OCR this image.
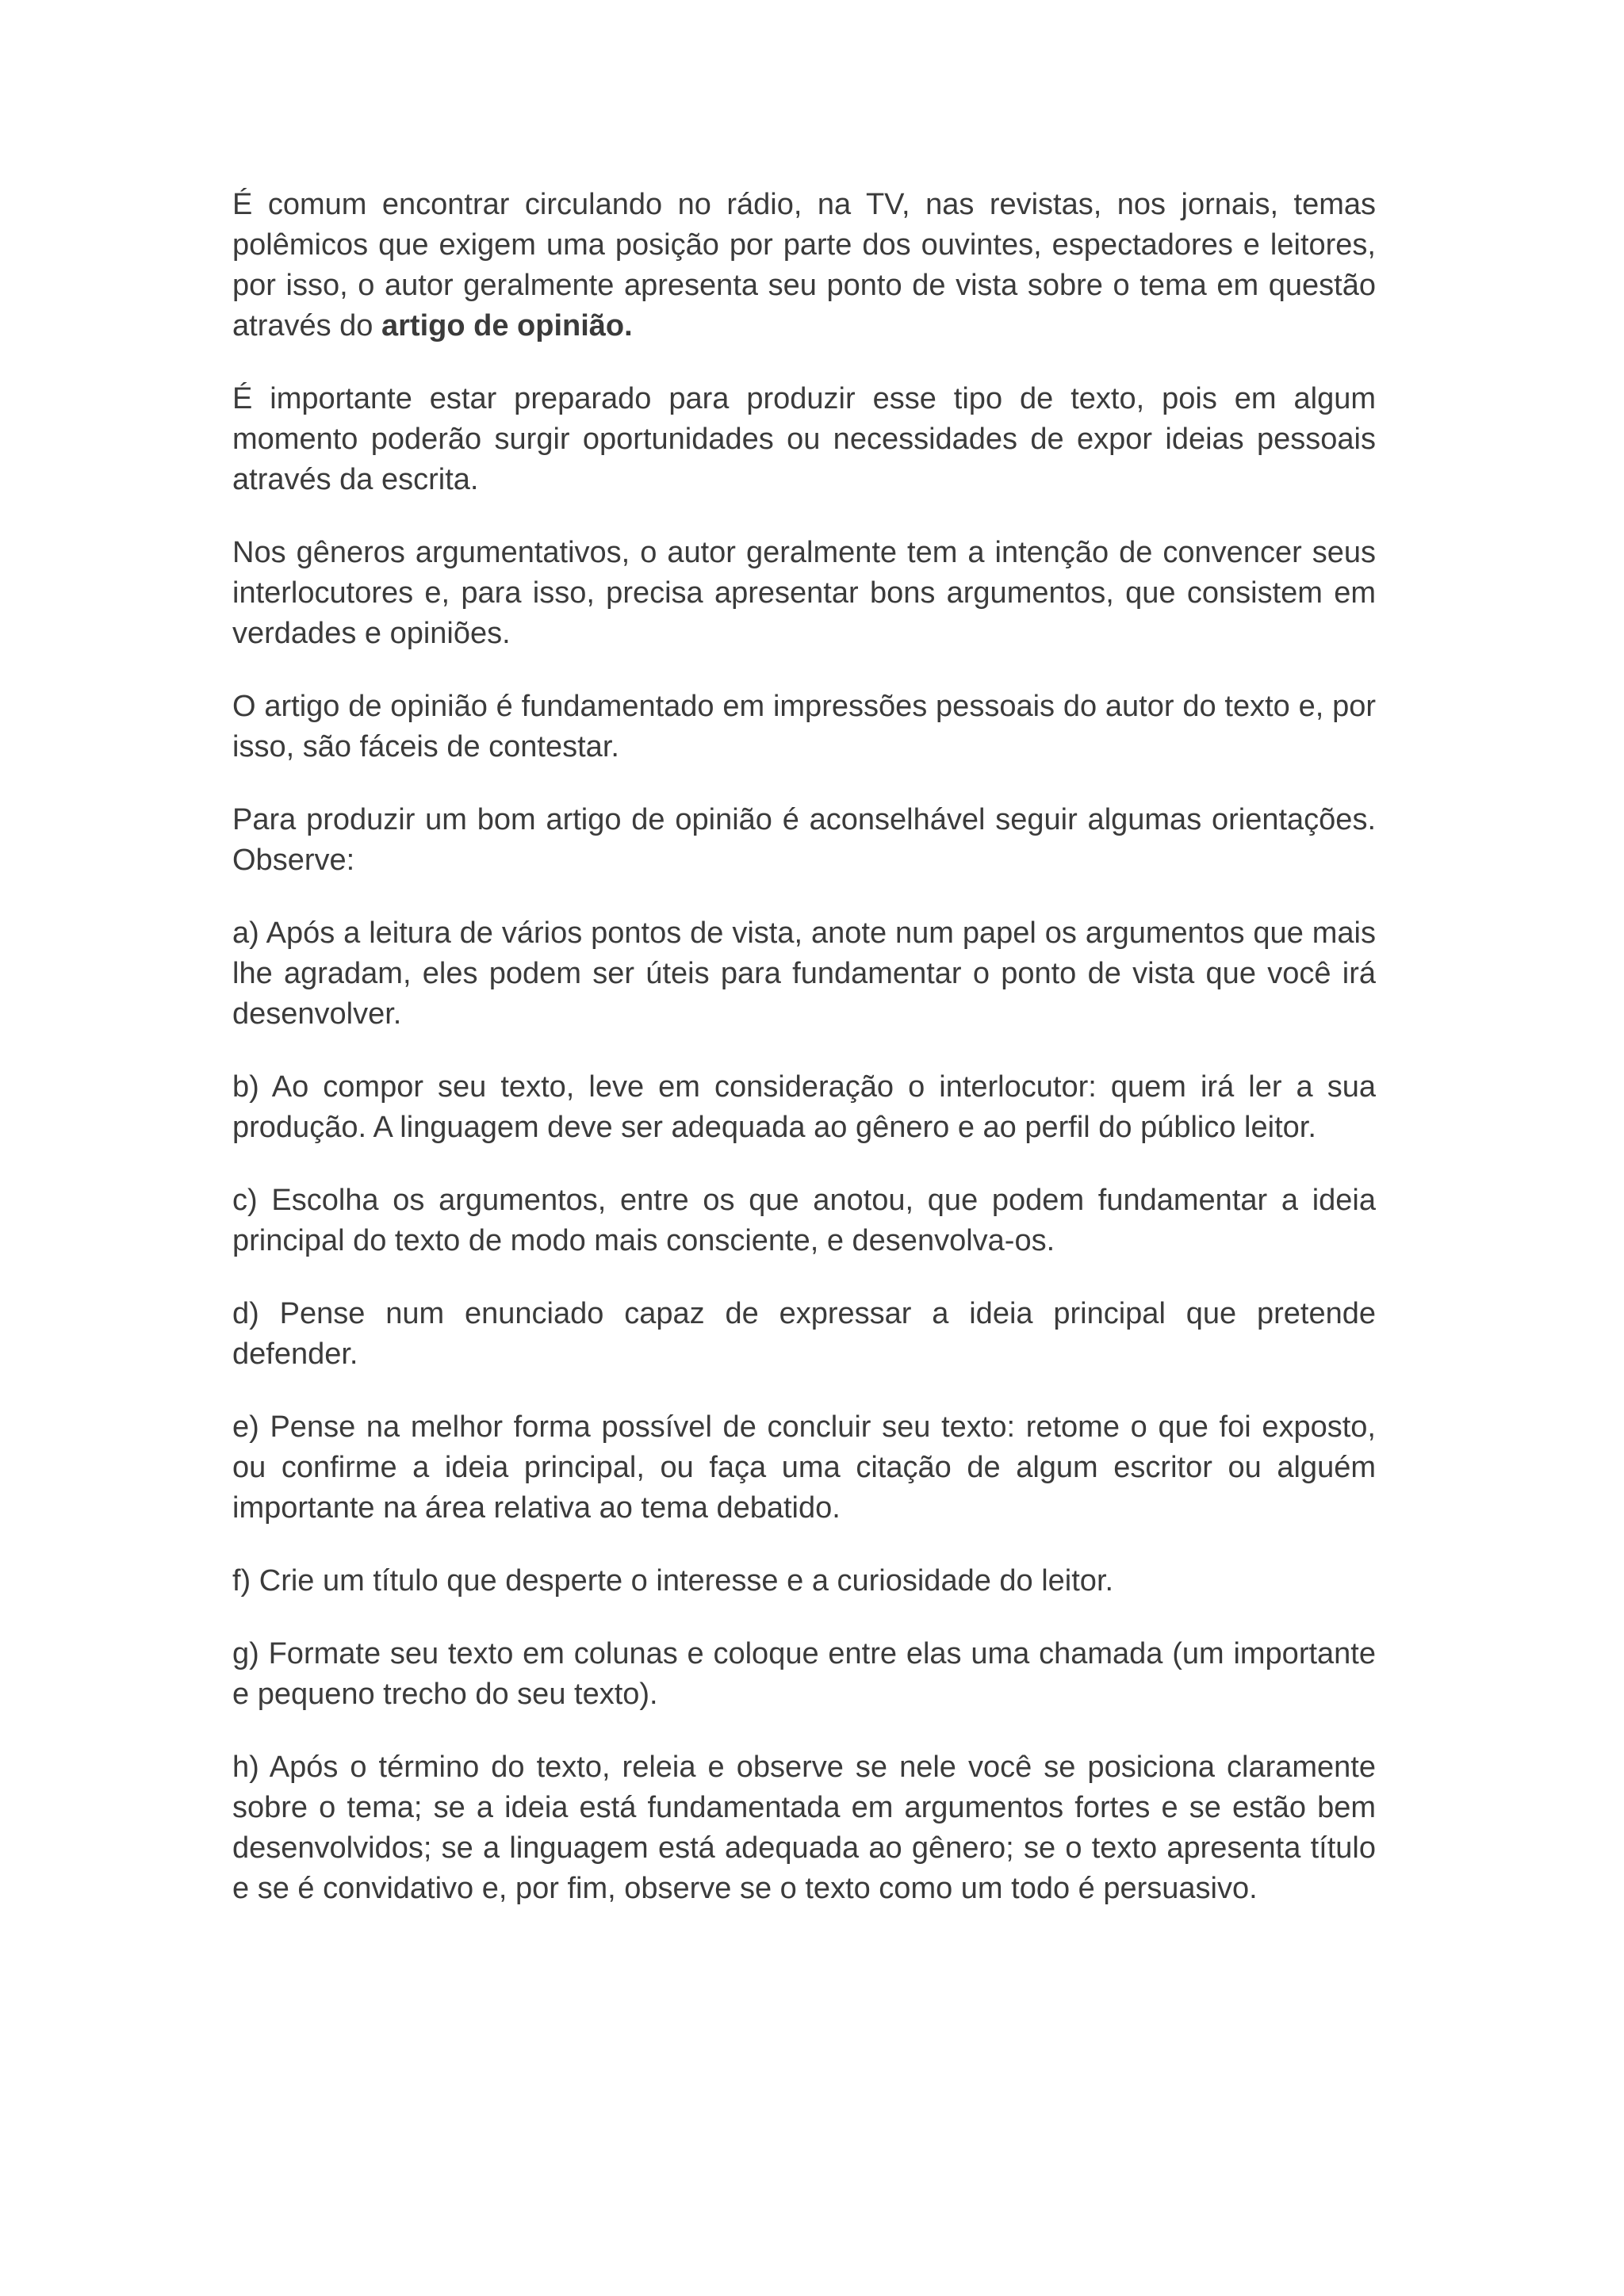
É comum encontrar circulando no rádio, na TV, nas revistas, nos jornais, temas polêmicos que exigem uma posição por parte dos ouvintes, espectadores e leitores, por isso, o autor geralmente apresenta seu ponto de vista sobre o tema em questão através do artigo de opinião.

É importante estar preparado para produzir esse tipo de texto, pois em algum momento poderão surgir oportunidades ou necessidades de expor ideias pessoais através da escrita.

Nos gêneros argumentativos, o autor geralmente tem a intenção de convencer seus interlocutores e, para isso, precisa apresentar bons argumentos, que consistem em verdades e opiniões.

O artigo de opinião é fundamentado em impressões pessoais do autor do texto e, por isso, são fáceis de contestar.

Para produzir um bom artigo de opinião é aconselhável seguir algumas orientações. Observe:

a) Após a leitura de vários pontos de vista, anote num papel os argumentos que mais lhe agradam, eles podem ser úteis para fundamentar o ponto de vista que você irá desenvolver.

b) Ao compor seu texto, leve em consideração o interlocutor: quem irá ler a sua produção. A linguagem deve ser adequada ao gênero e ao perfil do público leitor.

c) Escolha os argumentos, entre os que anotou, que podem fundamentar a ideia principal do texto de modo mais consciente, e desenvolva-os.

d) Pense num enunciado capaz de expressar a ideia principal que pretende defender.

e) Pense na melhor forma possível de concluir seu texto: retome o que foi exposto, ou confirme a ideia principal, ou faça uma citação de algum escritor ou alguém importante na área relativa ao tema debatido.

f) Crie um título que desperte o interesse e a curiosidade do leitor.

g) Formate seu texto em colunas e coloque entre elas uma chamada (um importante e pequeno trecho do seu texto).

h) Após o término do texto, releia e observe se nele você se posiciona claramente sobre o tema; se a ideia está fundamentada em argumentos fortes e se estão bem desenvolvidos; se a linguagem está adequada ao gênero; se o texto apresenta título e se é convidativo e, por fim, observe se o texto como um todo é persuasivo.
